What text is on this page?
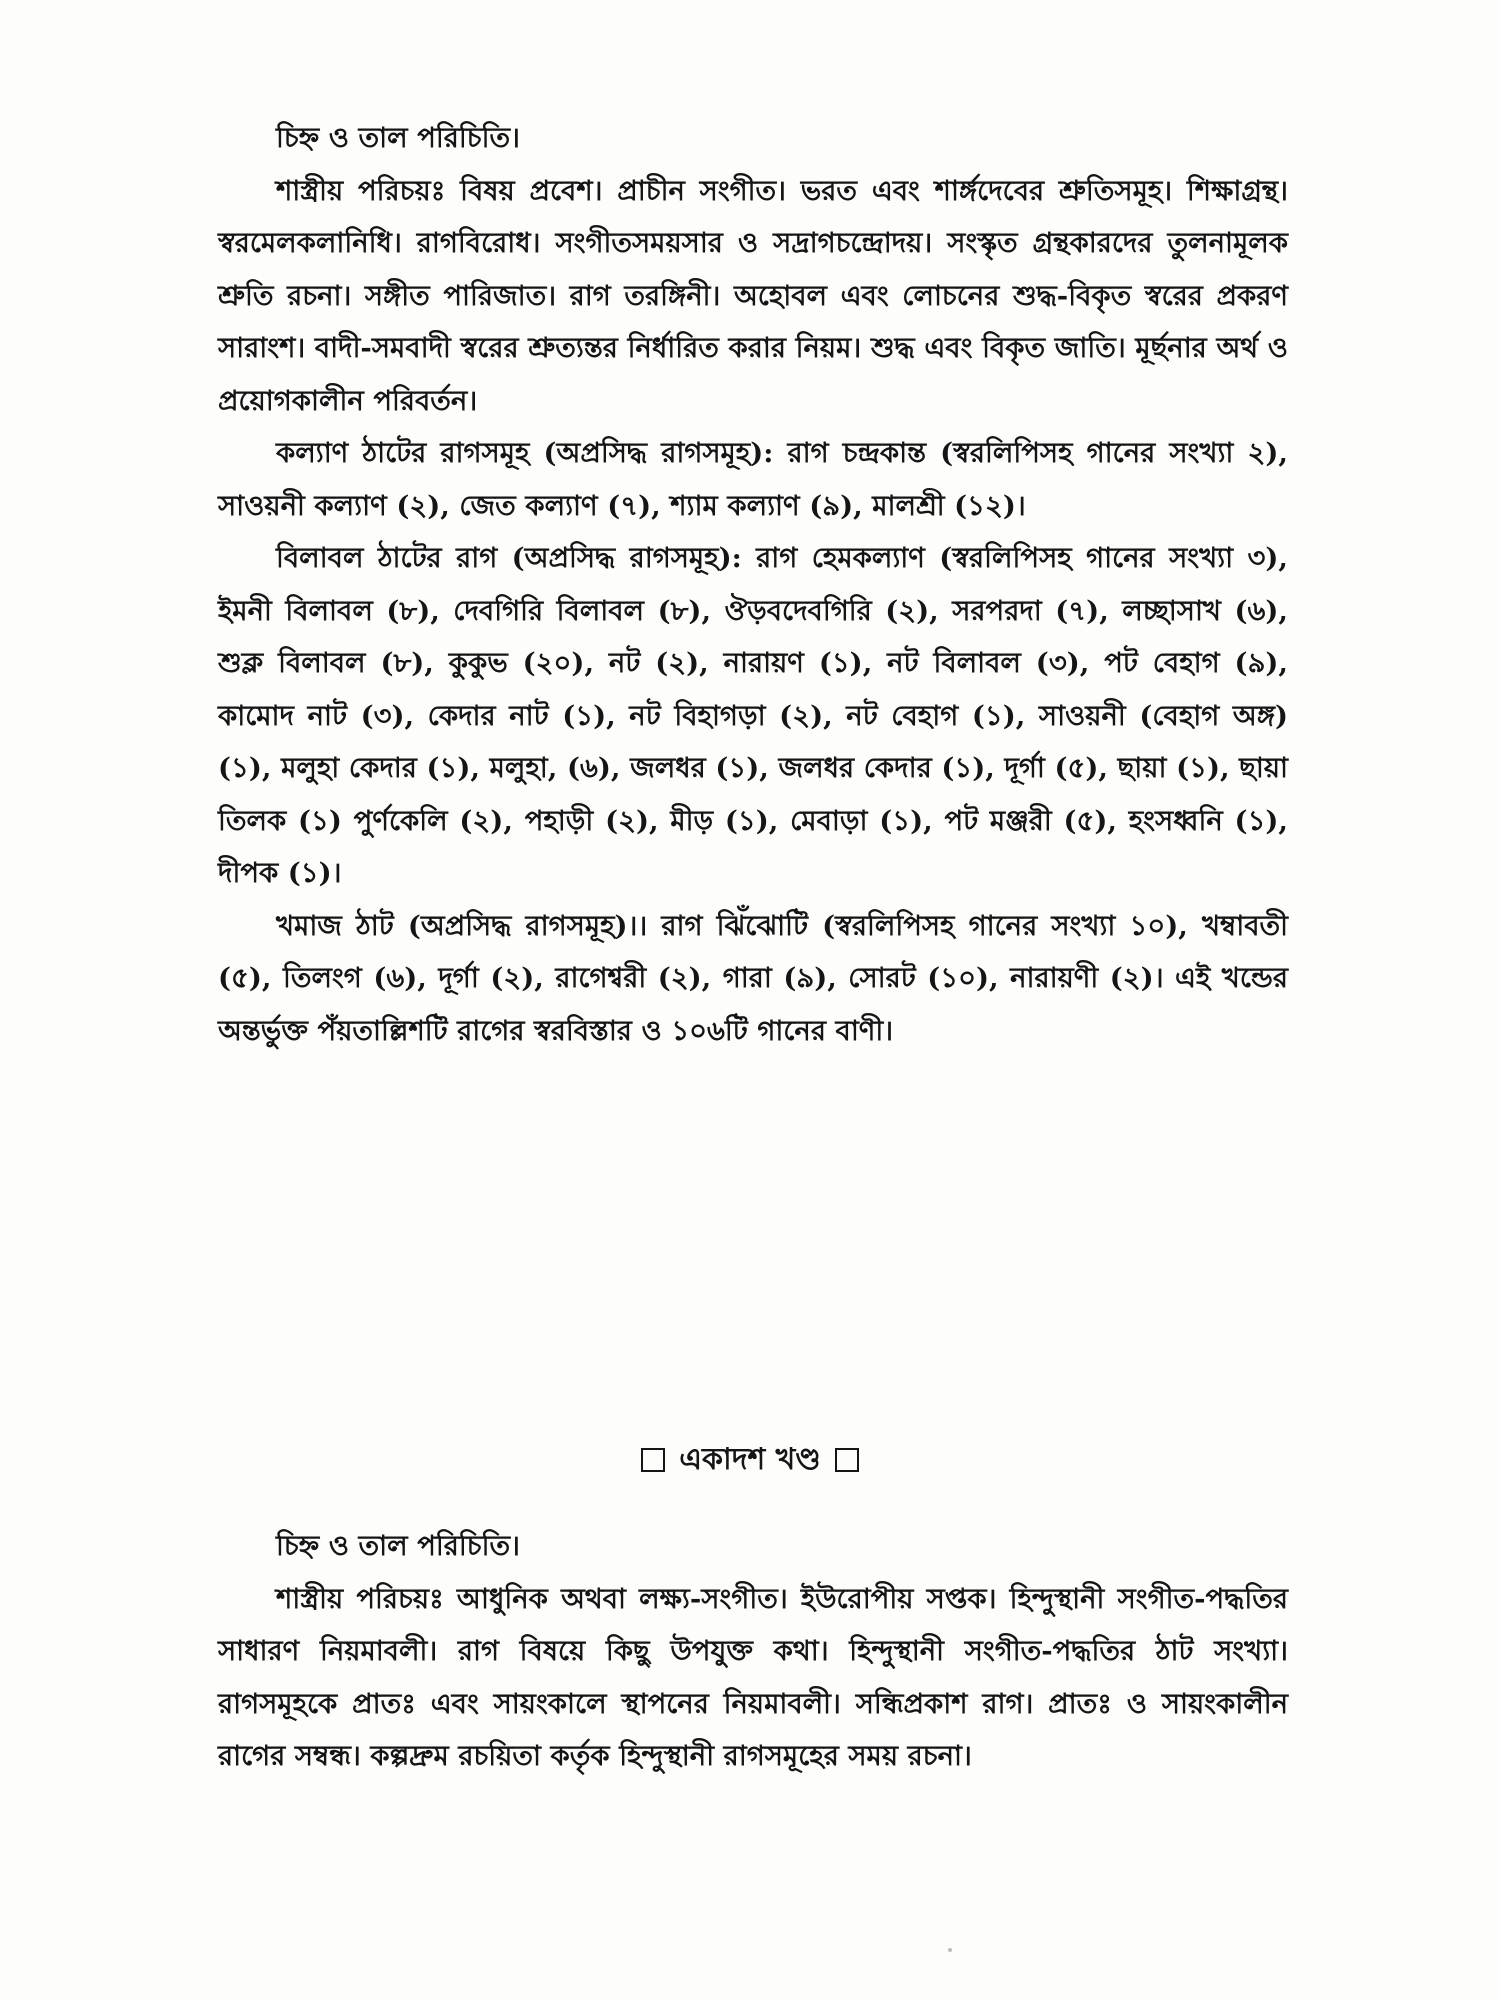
চিহ্ন ও তাল পরিচিতি।

শাস্ত্রীয় পরিচয়ঃ বিষয় প্রবেশ। প্রাচীন সংগীত। ভরত এবং শার্ঙ্গদেবের শ্রুতিসমূহ। শিক্ষাগ্রন্থ। স্বরমেলকলানিধি। রাগবিরোধ। সংগীতসময়সার ও সদ্রাগচন্দ্রোদয়। সংস্কৃত গ্রন্থকারদের তুলনামূলক শ্রুতি রচনা। সঙ্গীত পারিজাত। রাগ তরঙ্গিনী। অহোবল এবং লোচনের শুদ্ধ-বিকৃত স্বরের প্রকরণ সারাংশ। বাদী-সমবাদী স্বরের শ্রুত্যন্তর নির্ধারিত করার নিয়ম। শুদ্ধ এবং বিকৃত জাতি। মূর্ছনার অর্থ ও প্রয়োগকালীন পরিবর্তন।

কল্যাণ ঠাটের রাগসমূহ (অপ্রসিদ্ধ রাগসমূহ): রাগ চন্দ্রকান্ত (স্বরলিপিসহ গানের সংখ্যা ২), সাওয়নী কল্যাণ (২), জেত কল্যাণ (৭), শ্যাম কল্যাণ (৯), মালশ্রী (১২)।

বিলাবল ঠাটের রাগ (অপ্রসিদ্ধ রাগসমূহ): রাগ হেমকল্যাণ (স্বরলিপিসহ গানের সংখ্যা ৩), ইমনী বিলাবল (৮), দেবগিরি বিলাবল (৮), ঔড়বদেবগিরি (২), সরপরদা (৭), লচ্ছাসাখ (৬), শুক্ল বিলাবল (৮), কুকুভ (২০), নট (২), নারায়ণ (১), নট বিলাবল (৩), পট বেহাগ (৯), কামোদ নাট (৩), কেদার নাট (১), নট বিহাগড়া (২), নট বেহাগ (১), সাওয়নী (বেহাগ অঙ্গ) (১), মলুহা কেদার (১), মলুহা, (৬), জলধর (১), জলধর কেদার (১), দূর্গা (৫), ছায়া (১), ছায়া তিলক (১) পুর্ণকেলি (২), পহাড়ী (২), মীড় (১), মেবাড়া (১), পট মঞ্জরী (৫), হংসধ্বনি (১), দীপক (১)।

খমাজ ঠাট (অপ্রসিদ্ধ রাগসমূহ)।। রাগ ঝিঁঝোটি (স্বরলিপিসহ গানের সংখ্যা ১০), খম্বাবতী (৫), তিলংগ (৬), দূর্গা (২), রাগেশ্বরী (২), গারা (৯), সোরট (১০), নারায়ণী (২)। এই খন্ডের অন্তর্ভুক্ত পঁয়তাল্লিশটি রাগের স্বরবিস্তার ও ১০৬টি গানের বাণী।

একাদশ খণ্ড

চিহ্ন ও তাল পরিচিতি।

শাস্ত্রীয় পরিচয়ঃ আধুনিক অথবা লক্ষ্য-সংগীত। ইউরোপীয় সপ্তক। হিন্দুস্থানী সংগীত-পদ্ধতির সাধারণ নিয়মাবলী। রাগ বিষয়ে কিছু উপযুক্ত কথা। হিন্দুস্থানী সংগীত-পদ্ধতির ঠাট সংখ্যা। রাগসমূহকে প্রাতঃ এবং সায়ংকালে স্থাপনের নিয়মাবলী। সন্ধিপ্রকাশ রাগ। প্রাতঃ ও সায়ংকালীন রাগের সম্বন্ধ। কল্পদ্রুম রচয়িতা কর্তৃক হিন্দুস্থানী রাগসমূহের সময় রচনা।
